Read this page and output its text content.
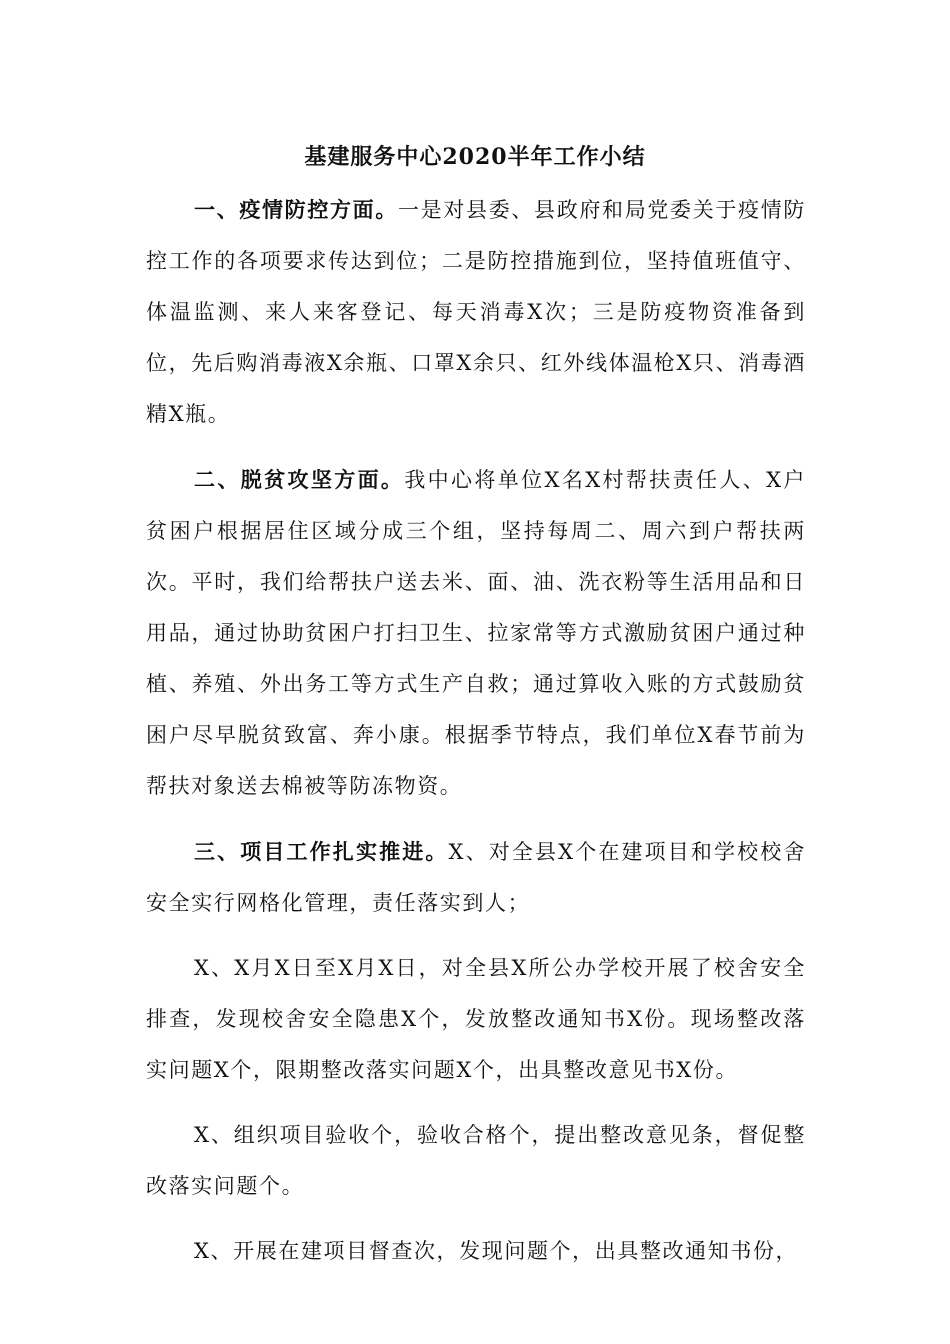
基建服务中心2020半年工作小结

一、疫情防控方面。一是对县委、县政府和局党委关于疫情防控工作的各项要求传达到位；二是防控措施到位，坚持值班值守、体温监测、来人来客登记、每天消毒X次；三是防疫物资准备到位，先后购消毒液X余瓶、口罩X余只、红外线体温枪X只、消毒酒精X瓶。

二、脱贫攻坚方面。我中心将单位X名X村帮扶责任人、X户贫困户根据居住区域分成三个组，坚持每周二、周六到户帮扶两次。平时，我们给帮扶户送去米、面、油、洗衣粉等生活用品和日用品，通过协助贫困户打扫卫生、拉家常等方式激励贫困户通过种植、养殖、外出务工等方式生产自救；通过算收入账的方式鼓励贫困户尽早脱贫致富、奔小康。根据季节特点，我们单位X春节前为帮扶对象送去棉被等防冻物资。

三、项目工作扎实推进。X、对全县X个在建项目和学校校舍安全实行网格化管理，责任落实到人；

X、X月X日至X月X日，对全县X所公办学校开展了校舍安全排查，发现校舍安全隐患X个，发放整改通知书X份。现场整改落实问题X个，限期整改落实问题X个，出具整改意见书X份。

X、组织项目验收个，验收合格个，提出整改意见条，督促整改落实问题个。

X、开展在建项目督查次，发现问题个，出具整改通知书份，
